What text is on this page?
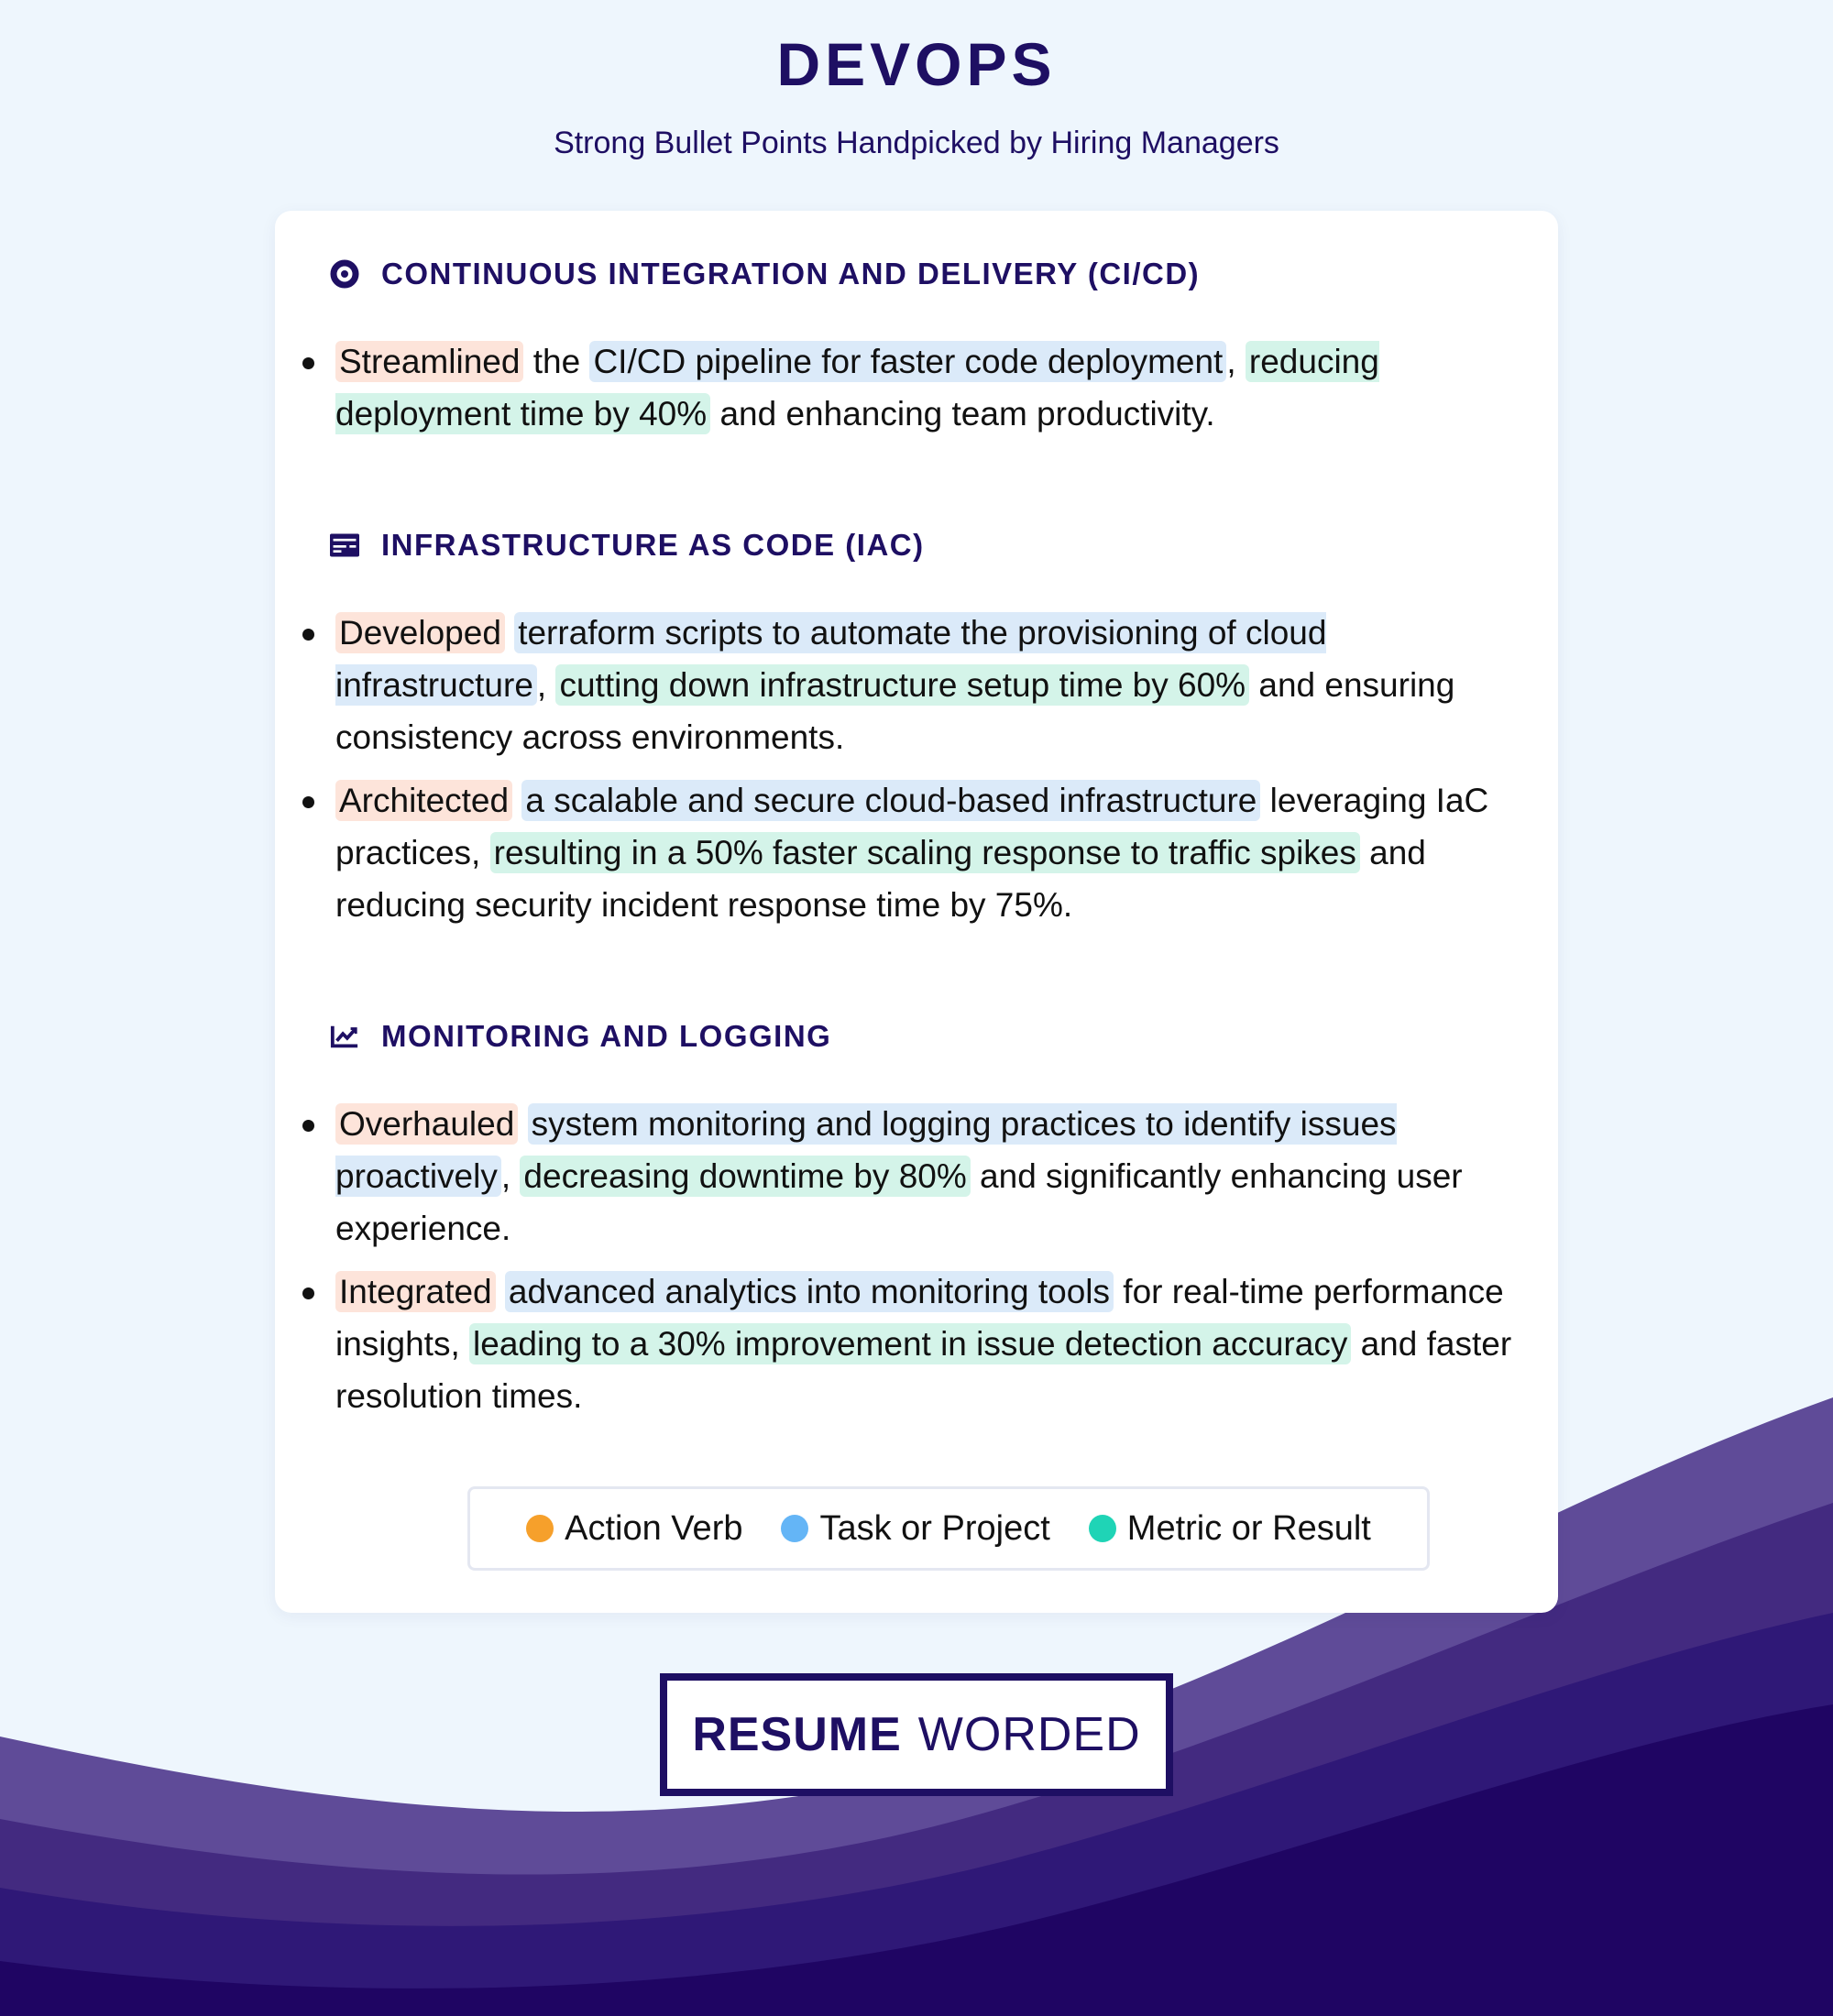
DEVOPS
Strong Bullet Points Handpicked by Hiring Managers
CONTINUOUS INTEGRATION AND DELIVERY (CI/CD)
Streamlined the CI/CD pipeline for faster code deployment , reducing deployment time by 40% and enhancing team productivity.
INFRASTRUCTURE AS CODE (IAC)
Developed terraform scripts to automate the provisioning of cloud infrastructure , cutting down infrastructure setup time by 60% and ensuring consistency across environments.
Architected a scalable and secure cloud-based infrastructure leveraging IaC practices, resulting in a 50% faster scaling response to traffic spikes and reducing security incident response time by 75%.
MONITORING AND LOGGING
Overhauled system monitoring and logging practices to identify issues proactively , decreasing downtime by 80% and significantly enhancing user experience.
Integrated advanced analytics into monitoring tools for real-time performance insights, leading to a 30% improvement in issue detection accuracy and faster resolution times.
Action Verb Task or Project Metric or Result
RESUME WORDED
